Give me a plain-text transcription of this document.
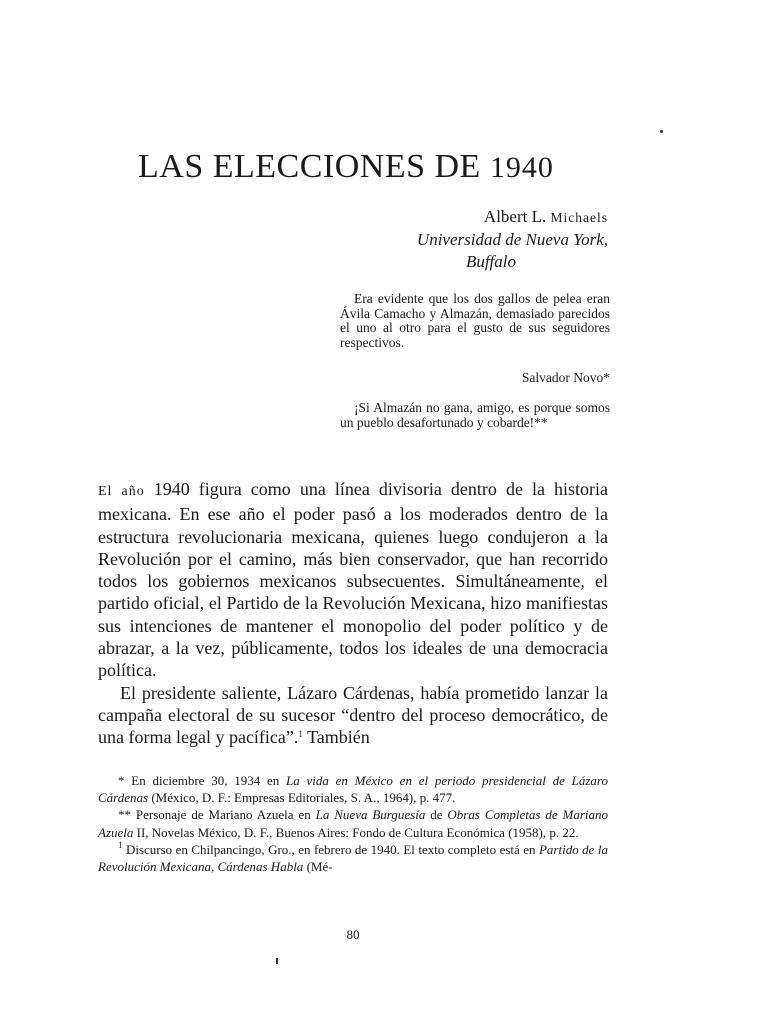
LAS ELECCIONES DE 1940
Albert L. Michaels
Universidad de Nueva York,
Buffalo

Era evidente que los dos gallos de pelea eran Ávila Camacho y Almazán, demasiado parecidos el uno al otro para el gusto de sus seguidores respectivos.

Salvador Novo*

¡Si Almazán no gana, amigo, es porque somos un pueblo desafortunado y cobarde!**

El año 1940 figura como una línea divisoria dentro de la historia mexicana. En ese año el poder pasó a los moderados dentro de la estructura revolucionaria mexicana, quienes luego condujeron a la Revolución por el camino, más bien conservador, que han recorrido todos los gobiernos mexicanos subsecuentes. Simultáneamente, el partido oficial, el Partido de la Revolución Mexicana, hizo manifiestas sus intenciones de mantener el monopolio del poder político y de abrazar, a la vez, públicamente, todos los ideales de una democracia política.

El presidente saliente, Lázaro Cárdenas, había prometido lanzar la campaña electoral de su sucesor “dentro del proceso democrático, de una forma legal y pacífica”.$^1$ También

* En diciembre 30, 1934 en La vida en México en el periodo presidencial de Lázaro Cárdenas (México, D. F.: Empresas Editoriales, S. A., 1964), p. 477.

** Personaje de Mariano Azuela en La Nueva Burguesía de Obras Completas de Mariano Azuela II, Novelas México, D. F., Buenos Aires: Fondo de Cultura Económica (1958), p. 22.

$^1$ Discurso en Chilpancingo, Gro., en febrero de 1940. El texto completo está en Partido de la Revolución Mexicana, Cárdenas Habla (Mé-

80
